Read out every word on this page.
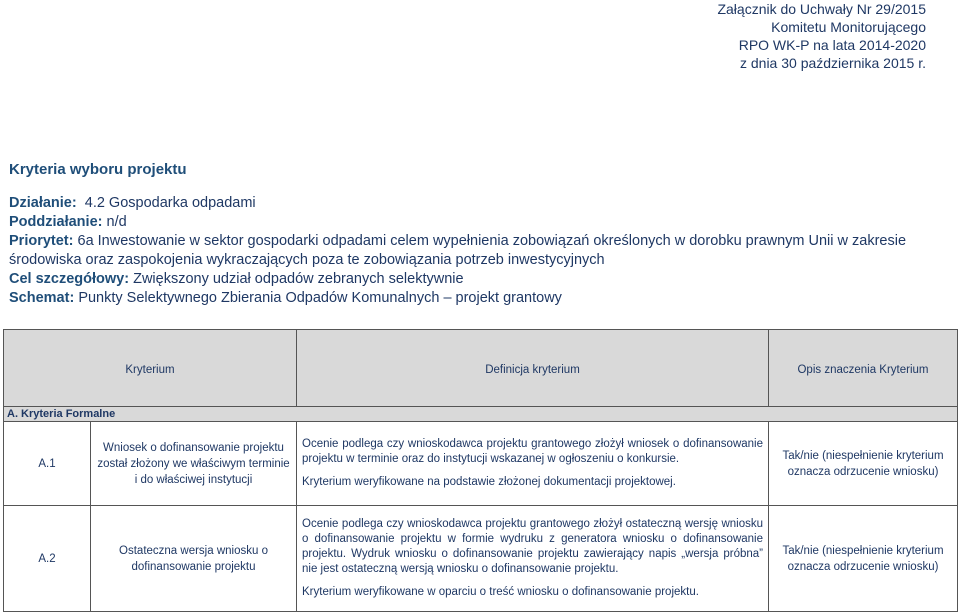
Załącznik do Uchwały Nr 29/2015
Komitetu Monitorującego
RPO WK-P na lata 2014-2020
z dnia 30 października 2015 r.
Kryteria wyboru projektu
Działanie: 4.2 Gospodarka odpadami
Poddziałanie: n/d
Priorytet: 6a Inwestowanie w sektor gospodarki odpadami celem wypełnienia zobowiązań określonych w dorobku prawnym Unii w zakresie środowiska oraz zaspokojenia wykraczających poza te zobowiązania potrzeb inwestycyjnych
Cel szczegółowy: Zwiększony udział odpadów zebranych selektywnie
Schemat: Punkty Selektywnego Zbierania Odpadów Komunalnych – projekt grantowy
Kryterium		Definicja kryterium	Opis znaczenia Kryterium
A. Kryteria Formalne			
A.1	Wniosek o dofinansowanie projektu został złożony we właściwym terminie i do właściwej instytucji	Ocenie podlega czy wnioskodawca projektu grantowego złożył wniosek o dofinansowanie projektu w terminie oraz do instytucji wskazanej w ogłoszeniu o konkursie.
Kryterium weryfikowane na podstawie złożonej dokumentacji projektowej.	Tak/nie (niespełnienie kryterium oznacza odrzucenie wniosku)
A.2	Ostateczna wersja wniosku o dofinansowanie projektu	Ocenie podlega czy wnioskodawca projektu grantowego złożył ostateczną wersję wniosku o dofinansowanie projektu w formie wydruku z generatora wniosku o dofinansowanie projektu. Wydruk wniosku o dofinansowanie projektu zawierający napis „wersja próbna” nie jest ostateczną wersją wniosku o dofinansowanie projektu.
Kryterium weryfikowane w oparciu o treść wniosku o dofinansowanie projektu.	Tak/nie (niespełnienie kryterium oznacza odrzucenie wniosku)
